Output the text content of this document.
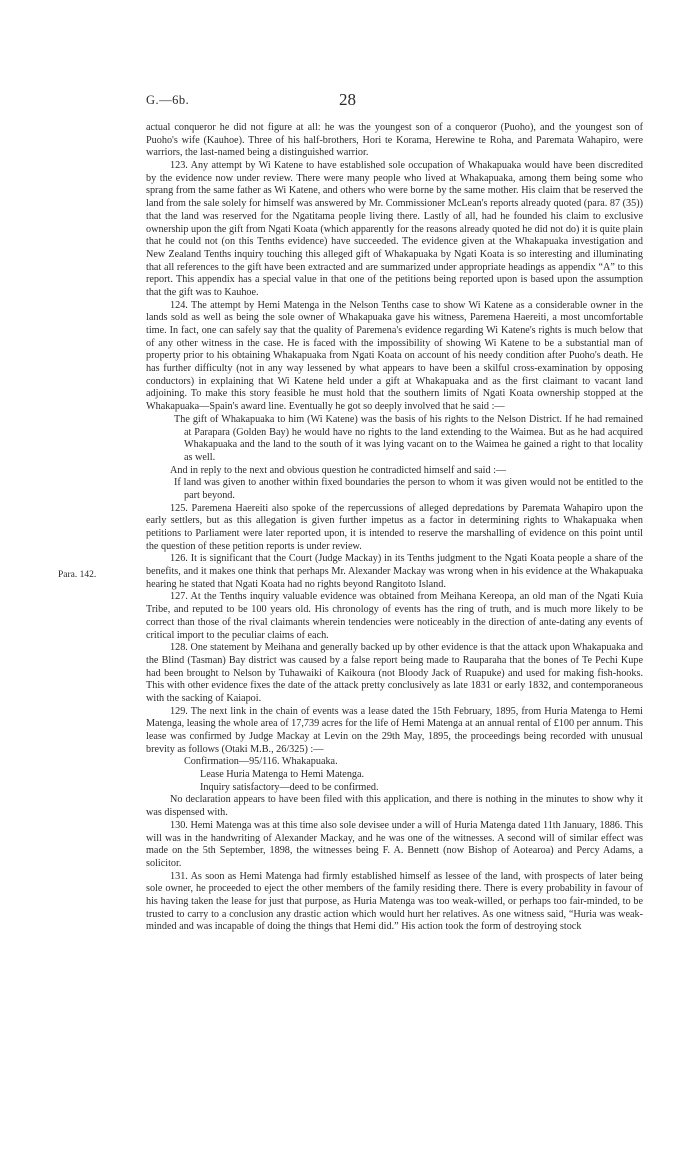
G.—6b.	28
Para. 142.

actual conqueror he did not figure at all: he was the youngest son of a conqueror (Puoho), and the youngest son of Puoho's wife (Kauhoe). Three of his half-brothers, Hori te Korama, Herewine te Roha, and Paremata Wahapiro, were warriors, the last-named being a distinguished warrior.

123. Any attempt by Wi Katene to have established sole occupation of Whakapuaka would have been discredited by the evidence now under review. There were many people who lived at Whakapuaka, among them being some who sprang from the same father as Wi Katene, and others who were borne by the same mother. His claim that be reserved the land from the sale solely for himself was answered by Mr. Commissioner McLean's reports already quoted (para. 87 (35)) that the land was reserved for the Ngatitama people living there. Lastly of all, had he founded his claim to exclusive ownership upon the gift from Ngati Koata (which apparently for the reasons already quoted he did not do) it is quite plain that he could not (on this Tenths evidence) have succeeded. The evidence given at the Whakapuaka investigation and New Zealand Tenths inquiry touching this alleged gift of Whakapuaka by Ngati Koata is so interesting and illuminating that all references to the gift have been extracted and are summarized under appropriate headings as appendix “A” to this report. This appendix has a special value in that one of the petitions being reported upon is based upon the assumption that the gift was to Kauhoe.

124. The attempt by Hemi Matenga in the Nelson Tenths case to show Wi Katene as a considerable owner in the lands sold as well as being the sole owner of Whakapuaka gave his witness, Paremena Haereiti, a most uncomfortable time. In fact, one can safely say that the quality of Paremena's evidence regarding Wi Katene's rights is much below that of any other witness in the case. He is faced with the impossibility of showing Wi Katene to be a substantial man of property prior to his obtaining Whakapuaka from Ngati Koata on account of his needy condition after Puoho's death. He has further difficulty (not in any way lessened by what appears to have been a skilful cross-examination by opposing conductors) in explaining that Wi Katene held under a gift at Whakapuaka and as the first claimant to vacant land adjoining. To make this story feasible he must hold that the southern limits of Ngati Koata ownership stopped at the Whakapuaka—Spain's award line. Eventually he got so deeply involved that he said :—

The gift of Whakapuaka to him (Wi Katene) was the basis of his rights to the Nelson District. If he had remained at Parapara (Golden Bay) he would have no rights to the land extending to the Waimea. But as he had acquired Whakapuaka and the land to the south of it was lying vacant on to the Waimea he gained a right to that locality as well.

And in reply to the next and obvious question he contradicted himself and said :—

If land was given to another within fixed boundaries the person to whom it was given would not be entitled to the part beyond.

125. Paremena Haereiti also spoke of the repercussions of alleged depredations by Paremata Wahapiro upon the early settlers, but as this allegation is given further impetus as a factor in determining rights to Whakapuaka when petitions to Parliament were later reported upon, it is intended to reserve the marshalling of evidence on this point until the question of these petition reports is under review.

126. It is significant that the Court (Judge Mackay) in its Tenths judgment to the Ngati Koata people a share of the benefits, and it makes one think that perhaps Mr. Alexander Mackay was wrong when in his evidence at the Whakapuaka hearing he stated that Ngati Koata had no rights beyond Rangitoto Island.

127. At the Tenths inquiry valuable evidence was obtained from Meihana Kereopa, an old man of the Ngati Kuia Tribe, and reputed to be 100 years old. His chronology of events has the ring of truth, and is much more likely to be correct than those of the rival claimants wherein tendencies were noticeably in the direction of ante-dating any events of critical import to the peculiar claims of each.

128. One statement by Meihana and generally backed up by other evidence is that the attack upon Whakapuaka and the Blind (Tasman) Bay district was caused by a false report being made to Rauparaha that the bones of Te Pechi Kupe had been brought to Nelson by Tuhawaiki of Kaikoura (not Bloody Jack of Ruapuke) and used for making fish-hooks. This with other evidence fixes the date of the attack pretty conclusively as late 1831 or early 1832, and contemporaneous with the sacking of Kaiapoi.

129. The next link in the chain of events was a lease dated the 15th February, 1895, from Huria Matenga to Hemi Matenga, leasing the whole area of 17,739 acres for the life of Hemi Matenga at an annual rental of £100 per annum. This lease was confirmed by Judge Mackay at Levin on the 29th May, 1895, the proceedings being recorded with unusual brevity as follows (Otaki M.B., 26/325) :—

Confirmation—95/116. Whakapuaka.

Lease Huria Matenga to Hemi Matenga.

Inquiry satisfactory—deed to be confirmed.

No declaration appears to have been filed with this application, and there is nothing in the minutes to show why it was dispensed with.

130. Hemi Matenga was at this time also sole devisee under a will of Huria Matenga dated 11th January, 1886. This will was in the handwriting of Alexander Mackay, and he was one of the witnesses. A second will of similar effect was made on the 5th September, 1898, the witnesses being F. A. Bennett (now Bishop of Aotearoa) and Percy Adams, a solicitor.

131. As soon as Hemi Matenga had firmly established himself as lessee of the land, with prospects of later being sole owner, he proceeded to eject the other members of the family residing there. There is every probability in favour of his having taken the lease for just that purpose, as Huria Matenga was too weak-willed, or perhaps too fair-minded, to be trusted to carry to a conclusion any drastic action which would hurt her relatives. As one witness said, “Huria was weak-minded and was incapable of doing the things that Hemi did.” His action took the form of destroying stock
